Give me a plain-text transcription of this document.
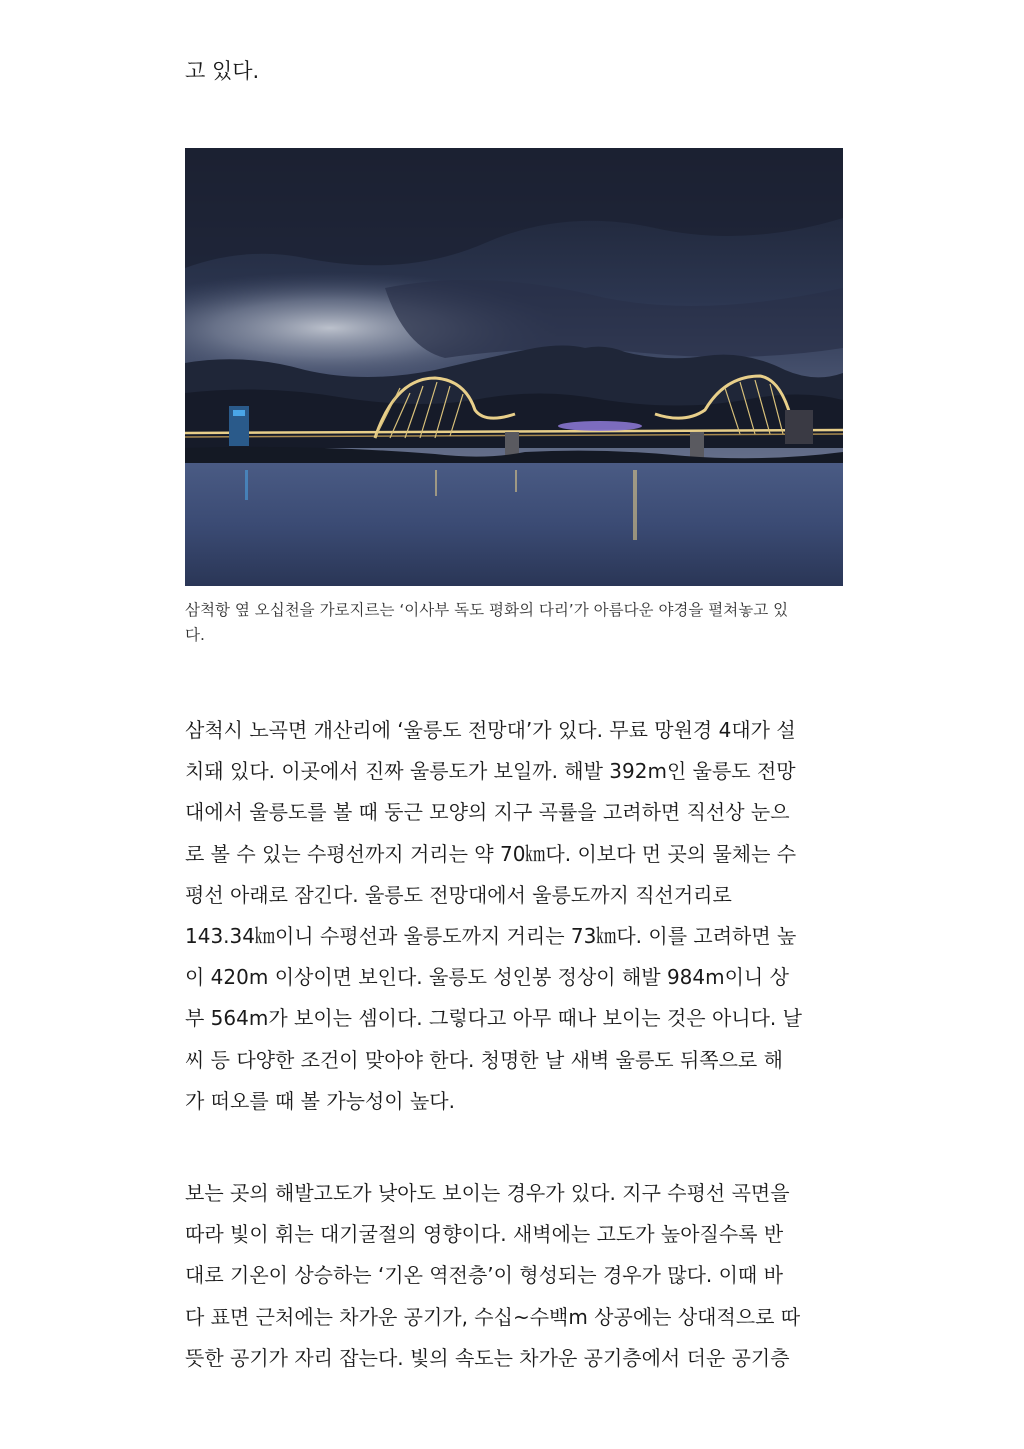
고 있다.

삼척항 옆 오십천을 가로지르는 ‘이사부 독도 평화의 다리’가 아름다운 야경을 펼쳐놓고 있
다.

삼척시 노곡면 개산리에 ‘울릉도 전망대’가 있다. 무료 망원경 4대가 설
치돼 있다. 이곳에서 진짜 울릉도가 보일까. 해발 392m인 울릉도 전망
대에서 울릉도를 볼 때 둥근 모양의 지구 곡률을 고려하면 직선상 눈으
로 볼 수 있는 수평선까지 거리는 약 70㎞다. 이보다 먼 곳의 물체는 수
평선 아래로 잠긴다. 울릉도 전망대에서 울릉도까지 직선거리로
143.34㎞이니 수평선과 울릉도까지 거리는 73㎞다. 이를 고려하면 높
이 420m 이상이면 보인다. 울릉도 성인봉 정상이 해발 984m이니 상
부 564m가 보이는 셈이다. 그렇다고 아무 때나 보이는 것은 아니다. 날
씨 등 다양한 조건이 맞아야 한다. 청명한 날 새벽 울릉도 뒤쪽으로 해
가 떠오를 때 볼 가능성이 높다.

보는 곳의 해발고도가 낮아도 보이는 경우가 있다. 지구 수평선 곡면을
따라 빛이 휘는 대기굴절의 영향이다. 새벽에는 고도가 높아질수록 반
대로 기온이 상승하는 ‘기온 역전층’이 형성되는 경우가 많다. 이때 바
다 표면 근처에는 차가운 공기가, 수십~수백m 상공에는 상대적으로 따
뜻한 공기가 자리 잡는다. 빛의 속도는 차가운 공기층에서 더운 공기층
